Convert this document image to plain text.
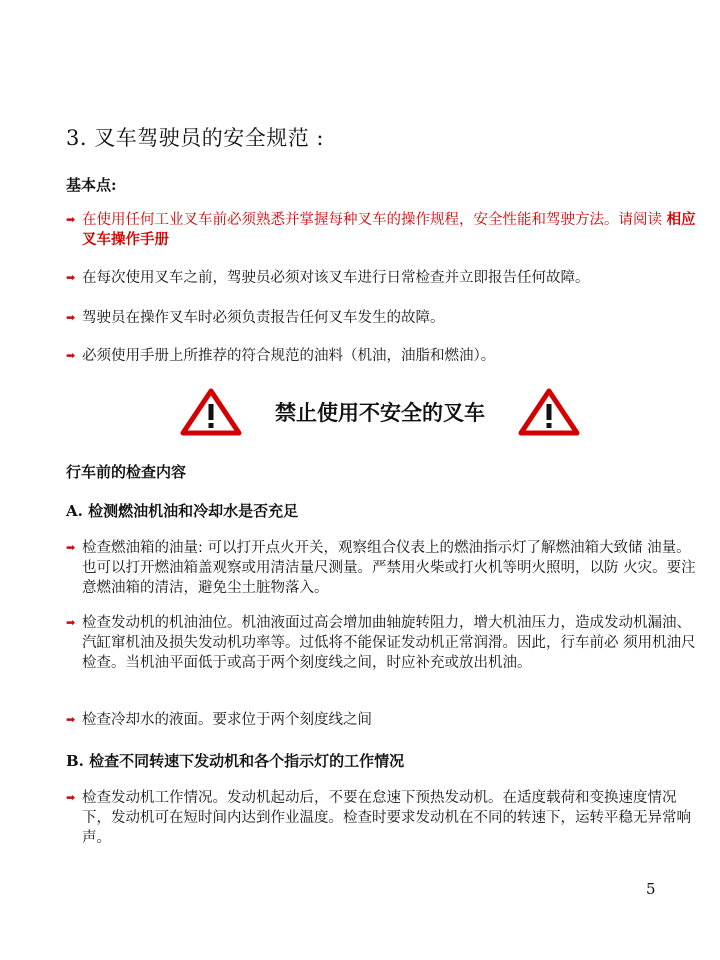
3. 叉车驾驶员的安全规范 :
基本点:
➡ 在使用任何工业叉车前必须熟悉并掌握每种叉车的操作规程，安全性能和驾驶方法。请阅读 相应叉车操作手册
➡ 在每次使用叉车之前，驾驶员必须对该叉车进行日常检查并立即报告任何故障。
➡ 驾驶员在操作叉车时必须负责报告任何叉车发生的故障。
➡ 必须使用手册上所推荐的符合规范的油料（机油，油脂和燃油）。
禁止使用不安全的叉车
行车前的检查内容
A. 检测燃油机油和冷却水是否充足
➡ 检查燃油箱的油量: 可以打开点火开关，观察组合仪表上的燃油指示灯了解燃油箱大致储 油量。也可以打开燃油箱盖观察或用清洁量尺测量。严禁用火柴或打火机等明火照明，以防 火灾。要注意燃油箱的清洁，避免尘土脏物落入。
➡ 检查发动机的机油油位。机油液面过高会增加曲轴旋转阻力，增大机油压力，造成发动机漏油、 汽缸窜机油及损失发动机功率等。过低将不能保证发动机正常润滑。因此，行车前必 须用机油尺检查。当机油平面低于或高于两个刻度线之间，时应补充或放出机油。
➡ 检查冷却水的液面。要求位于两个刻度线之间
B. 检查不同转速下发动机和各个指示灯的工作情况
➡ 检查发动机工作情况。发动机起动后，不要在怠速下预热发动机。在适度载荷和变换速度情况 下，发动机可在短时间内达到作业温度。检查时要求发动机在不同的转速下，运转平稳无异常响声。
5
